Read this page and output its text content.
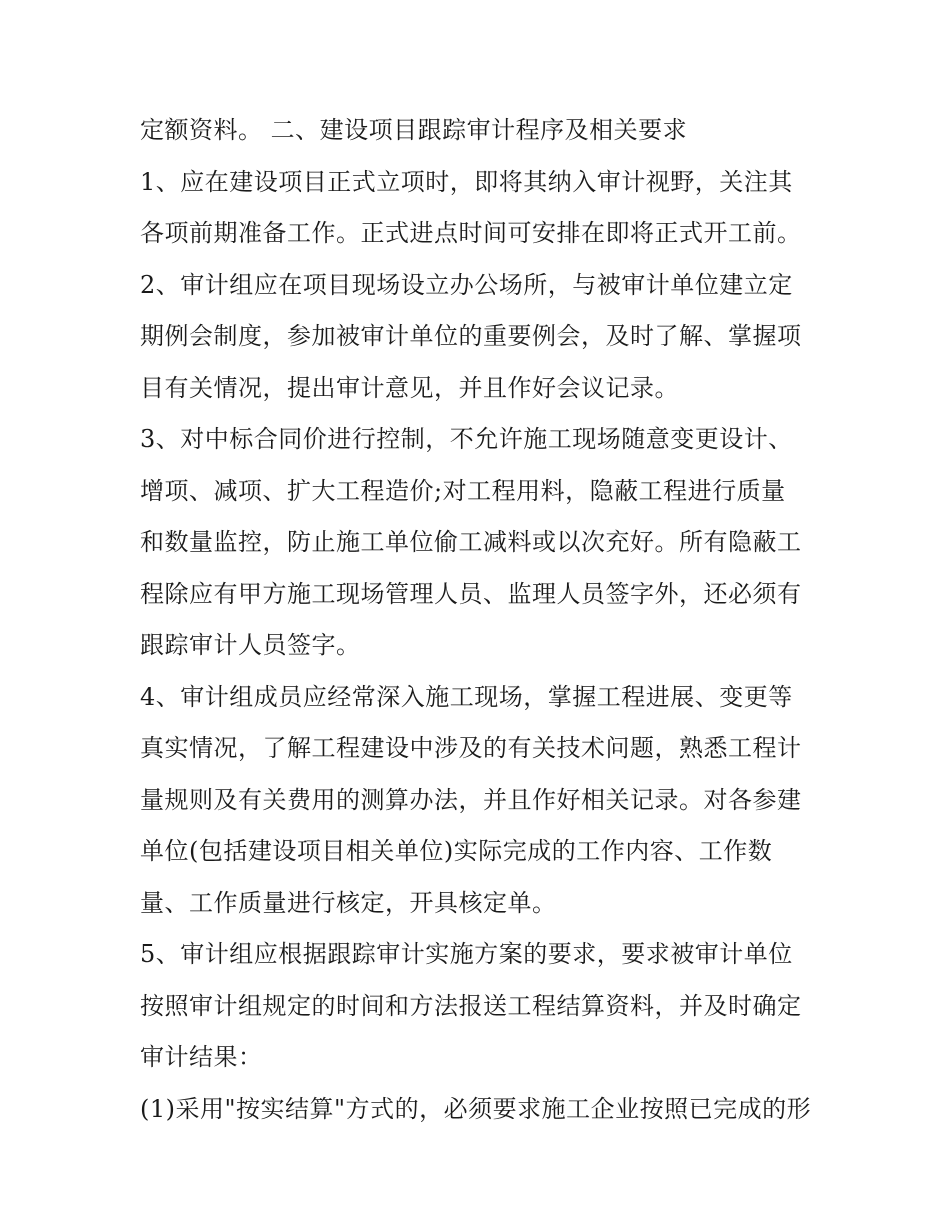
定额资料。 二、建设项目跟踪审计程序及相关要求
1、应在建设项目正式立项时，即将其纳入审计视野，关注其
各项前期准备工作。正式进点时间可安排在即将正式开工前。
2、审计组应在项目现场设立办公场所，与被审计单位建立定
期例会制度，参加被审计单位的重要例会，及时了解、掌握项
目有关情况，提出审计意见，并且作好会议记录。
3、对中标合同价进行控制，不允许施工现场随意变更设计、
增项、减项、扩大工程造价;对工程用料，隐蔽工程进行质量
和数量监控，防止施工单位偷工减料或以次充好。所有隐蔽工
程除应有甲方施工现场管理人员、监理人员签字外，还必须有
跟踪审计人员签字。
4、审计组成员应经常深入施工现场，掌握工程进展、变更等
真实情况，了解工程建设中涉及的有关技术问题，熟悉工程计
量规则及有关费用的测算办法，并且作好相关记录。对各参建
单位(包括建设项目相关单位)实际完成的工作内容、工作数
量、工作质量进行核定，开具核定单。
5、审计组应根据跟踪审计实施方案的要求，要求被审计单位
按照审计组规定的时间和方法报送工程结算资料，并及时确定
审计结果：
(1)采用"按实结算"方式的，必须要求施工企业按照已完成的形
